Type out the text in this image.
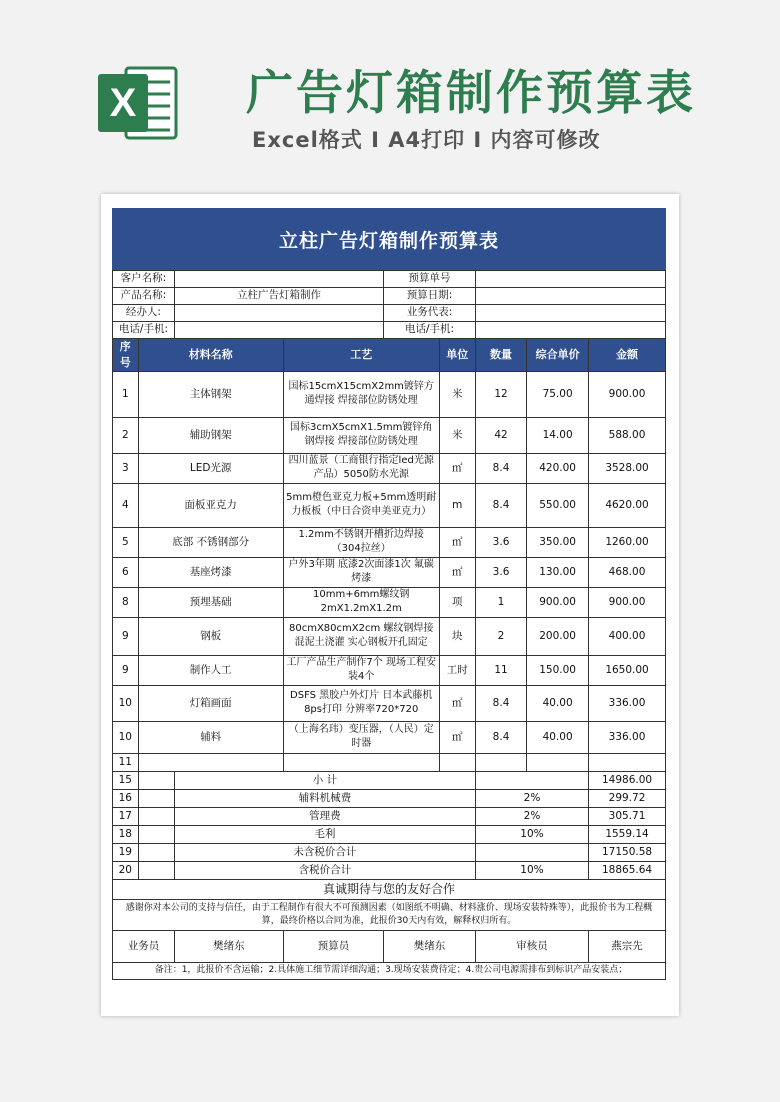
X 广告灯箱制作预算表
Excel格式 I A4打印 I 内容可修改
立柱广告灯箱制作预算表
客户名称:				预算单号				
产品名称:		立柱广告灯箱制作		预算日期:				
经办人:				业务代表:				
电话/手机:				电话/手机:				
序号	材料名称		工艺		单位	数量	综合单价	金额
1	主体钢架		国标15cmX15cmX2mm镀锌方通焊接 焊接部位防锈处理		米	12	75.00	900.00
2	辅助钢架		国标3cmX5cmX1.5mm镀锌角钢焊接 焊接部位防锈处理		米	42	14.00	588.00
3	LED光源		四川蓝景（工商银行指定led光源产品）5050防水光源		㎡	8.4	420.00	3528.00
4	面板亚克力		5mm橙色亚克力板+5mm透明耐力板板（中日合资申美亚克力）		m	8.4	550.00	4620.00
5	底部 不锈钢部分		1.2mm不锈钢开槽折边焊接（304拉丝）		㎡	3.6	350.00	1260.00
6	基座烤漆		户外3年期 底漆2次面漆1次 氟碳烤漆		㎡	3.6	130.00	468.00
8	预埋基础		10mm+6mm螺纹钢 2mX1.2mX1.2m		项	1	900.00	900.00
9	钢板		80cmX80cmX2cm 螺纹钢焊接 混泥土浇灌 实心钢板开孔固定		块	2	200.00	400.00
9	制作人工		工厂产品生产制作7个 现场工程安装4个		工时	11	150.00	1650.00
10	灯箱画面		DSFS 黑胶户外灯片 日本武藤机8ps打印 分辨率720*720		㎡	8.4	40.00	336.00
10	辅料		（上海名玮）变压器，（人民）定时器		㎡	8.4	40.00	336.00
11								
15		小 计						14986.00
16		辅料机械费				2%		299.72
17		管理费				2%		305.71
18		毛利				10%		1559.14
19		未含税价合计						17150.58
20		含税价合计				10%		18865.64
真诚期待与您的友好合作								
感谢你对本公司的支持与信任，由于工程制作有很大不可预测因素（如图纸不明确、材料涨价、现场安装特殊等），此报价书为工程概算，最终价格以合同为准，此报价30天内有效，解释权归所有。								
业务员		樊绪东	预算员	樊绪东		审核员		燕宗先
备注：1，此报价不含运输；2.具体施工细节需详细沟通；3.现场安装费待定；4.贵公司电源需排布到标识产品安装点；								
